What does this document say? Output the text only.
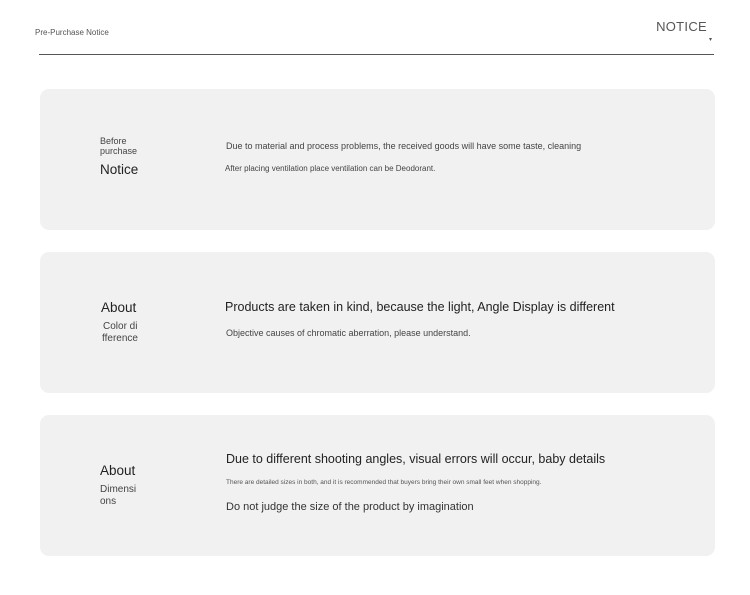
Pre-Purchase Notice	NOTICE
▾
Before
purchase
Notice
Due to material and process problems, the received goods will have some taste, cleaning
After placing ventilation place ventilation can be Deodorant.
About
Color di
fference
Products are taken in kind, because the light, Angle Display is different
Objective causes of chromatic aberration, please understand.
About
Dimensi
ons
Due to different shooting angles, visual errors will occur, baby details
There are detailed sizes in both, and it is recommended that buyers bring their own small feet when shopping.
Do not judge the size of the product by imagination
